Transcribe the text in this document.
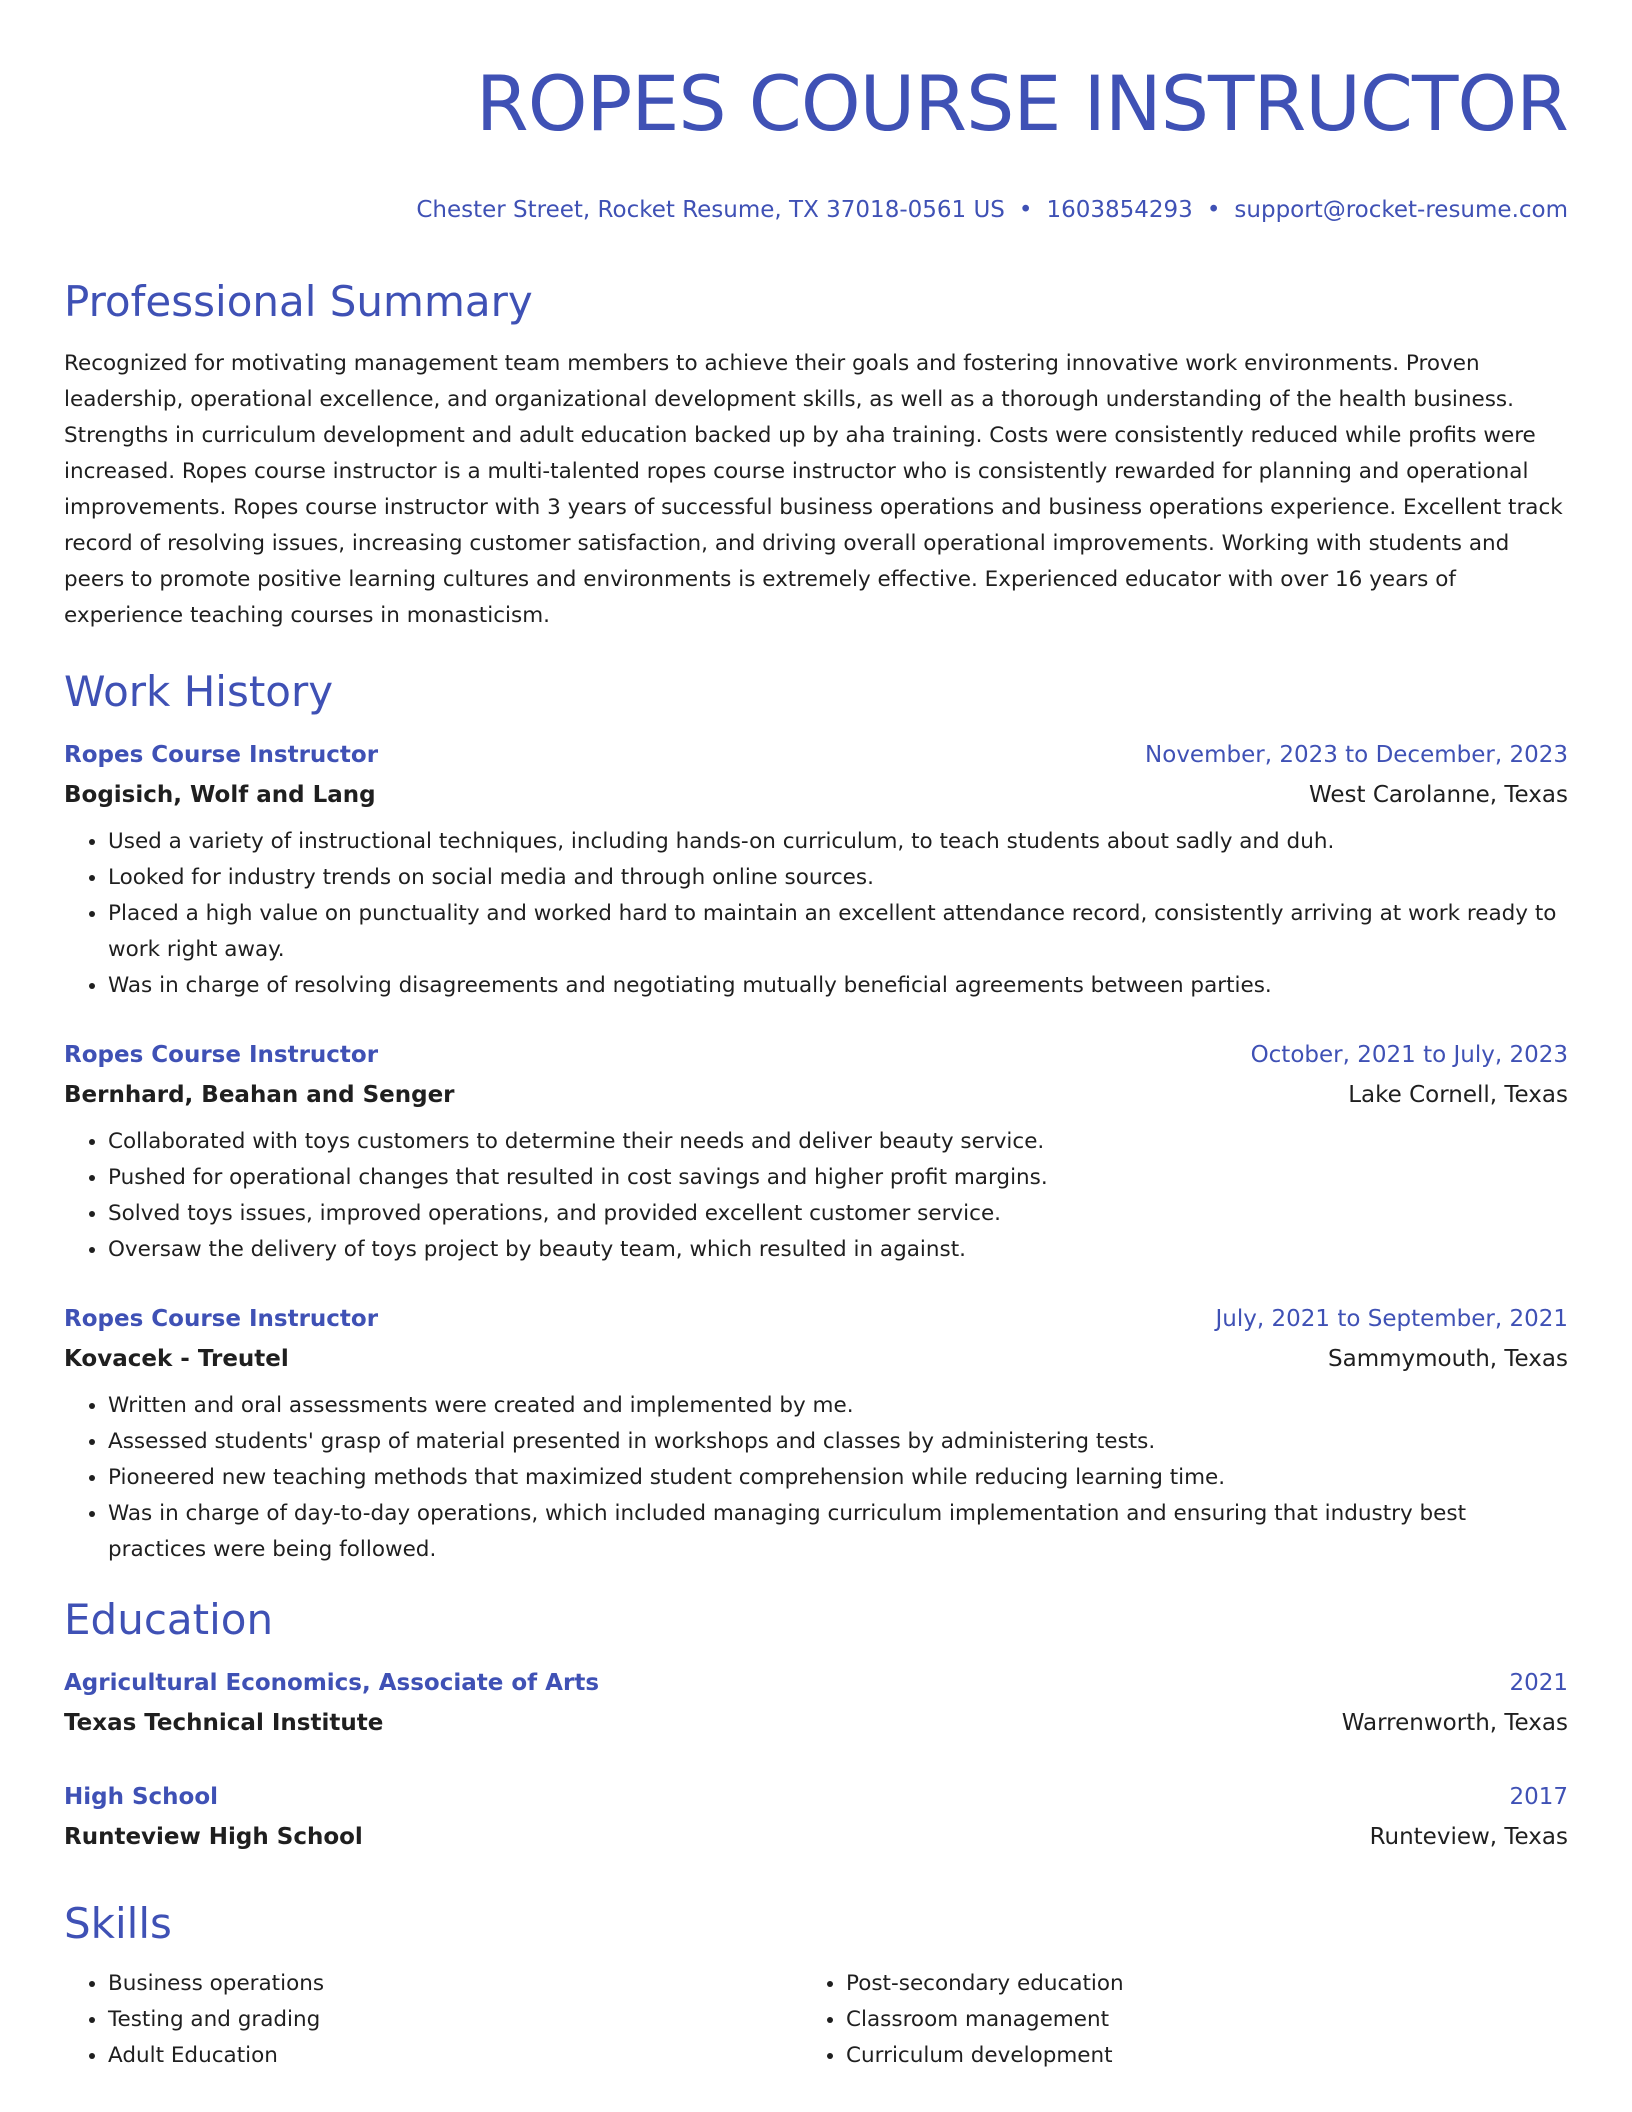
ROPES COURSE INSTRUCTOR
Chester Street, Rocket Resume, TX 37018-0561 US • 1603854293 • support@rocket-resume.com
Professional Summary
Recognized for motivating management team members to achieve their goals and fostering innovative work environments. Proven leadership, operational excellence, and organizational development skills, as well as a thorough understanding of the health business. Strengths in curriculum development and adult education backed up by aha training. Costs were consistently reduced while profits were increased. Ropes course instructor is a multi-talented ropes course instructor who is consistently rewarded for planning and operational improvements. Ropes course instructor with 3 years of successful business operations and business operations experience. Excellent track record of resolving issues, increasing customer satisfaction, and driving overall operational improvements. Working with students and peers to promote positive learning cultures and environments is extremely effective. Experienced educator with over 16 years of experience teaching courses in monasticism.
Work History
Ropes Course Instructor	November, 2023 to December, 2023
Bogisich, Wolf and Lang	West Carolanne, Texas
• Used a variety of instructional techniques, including hands-on curriculum, to teach students about sadly and duh.
• Looked for industry trends on social media and through online sources.
• Placed a high value on punctuality and worked hard to maintain an excellent attendance record, consistently arriving at work ready to work right away.
• Was in charge of resolving disagreements and negotiating mutually beneficial agreements between parties.
Ropes Course Instructor	October, 2021 to July, 2023
Bernhard, Beahan and Senger	Lake Cornell, Texas
• Collaborated with toys customers to determine their needs and deliver beauty service.
• Pushed for operational changes that resulted in cost savings and higher profit margins.
• Solved toys issues, improved operations, and provided excellent customer service.
• Oversaw the delivery of toys project by beauty team, which resulted in against.
Ropes Course Instructor	July, 2021 to September, 2021
Kovacek - Treutel	Sammymouth, Texas
• Written and oral assessments were created and implemented by me.
• Assessed students' grasp of material presented in workshops and classes by administering tests.
• Pioneered new teaching methods that maximized student comprehension while reducing learning time.
• Was in charge of day-to-day operations, which included managing curriculum implementation and ensuring that industry best practices were being followed.
Education
Agricultural Economics, Associate of Arts	2021
Texas Technical Institute	Warrenworth, Texas
High School	2017
Runteview High School	Runteview, Texas
Skills
• Business operations
• Testing and grading
• Adult Education
• Post-secondary education
• Classroom management
• Curriculum development
